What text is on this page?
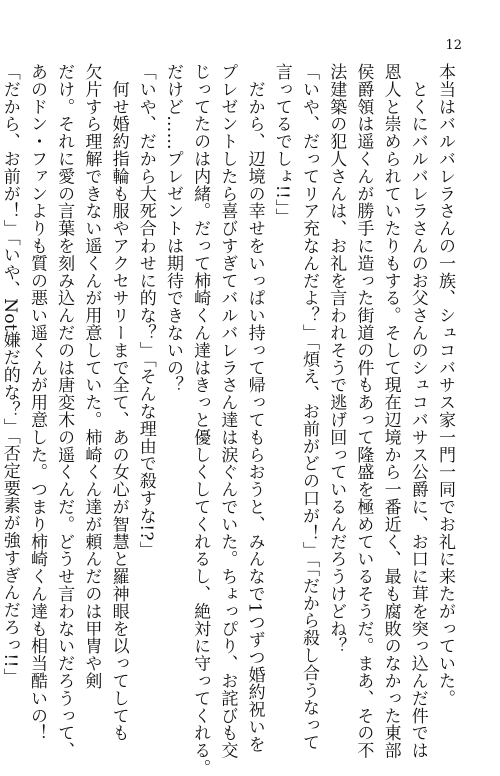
12
本当はバルバレラさんの一族、シュコバサス家一門一同でお礼に来たがっていた。
　とくにバルバレラさんのお父さんのシュコバサス公爵に、お口に茸を突っ込んだ件では
恩人と崇められていたりもする。そして現在辺境から一番近く、最も腐敗のなかった東部
侯爵領は遥くんが勝手に造った街道の件もあって隆盛を極めているそうだ。まあ、その不
法建築の犯人さんは、お礼を言われそうで逃げ回っているんだろうけどね？
「いや、だってリア充なんだよ？」「煩え、お前がどの口が！」「「だから殺し合うなって
言ってるでしょ!!」」
　だから、辺境の幸せをいっぱい持って帰ってもらおうと、みんなで1つずつ婚約祝いを
プレゼントしたら喜びすぎてバルバレラさん達は涙ぐんでいた。ちょっぴり、お詫びも交
じってたのは内緒。だって柿崎くん達はきっと優しくしてくれるし、絶対に守ってくれる。
だけど……プレゼントは期待できないの？
「いや、だから大死合わせに的な？」「そんな理由で殺すな!?」
　何せ婚約指輪も服やアクセサリーまで全て、あの女心が智慧と羅神眼を以ってしても
欠片すら理解できない遥くんが用意していた。柿崎くん達が頼んだのは甲冑や剣
だけ。それに愛の言葉を刻み込んだのは唐変木の遥くんだ。どうせ言わないだろうって、
あのドン・ファンよりも質の悪い遥くんが用意した。つまり柿崎くん達も相当酷いの！
「だから、お前が！」「いや、Not嫌だ的な？」「否定要素が強すぎんだろっ!!」
